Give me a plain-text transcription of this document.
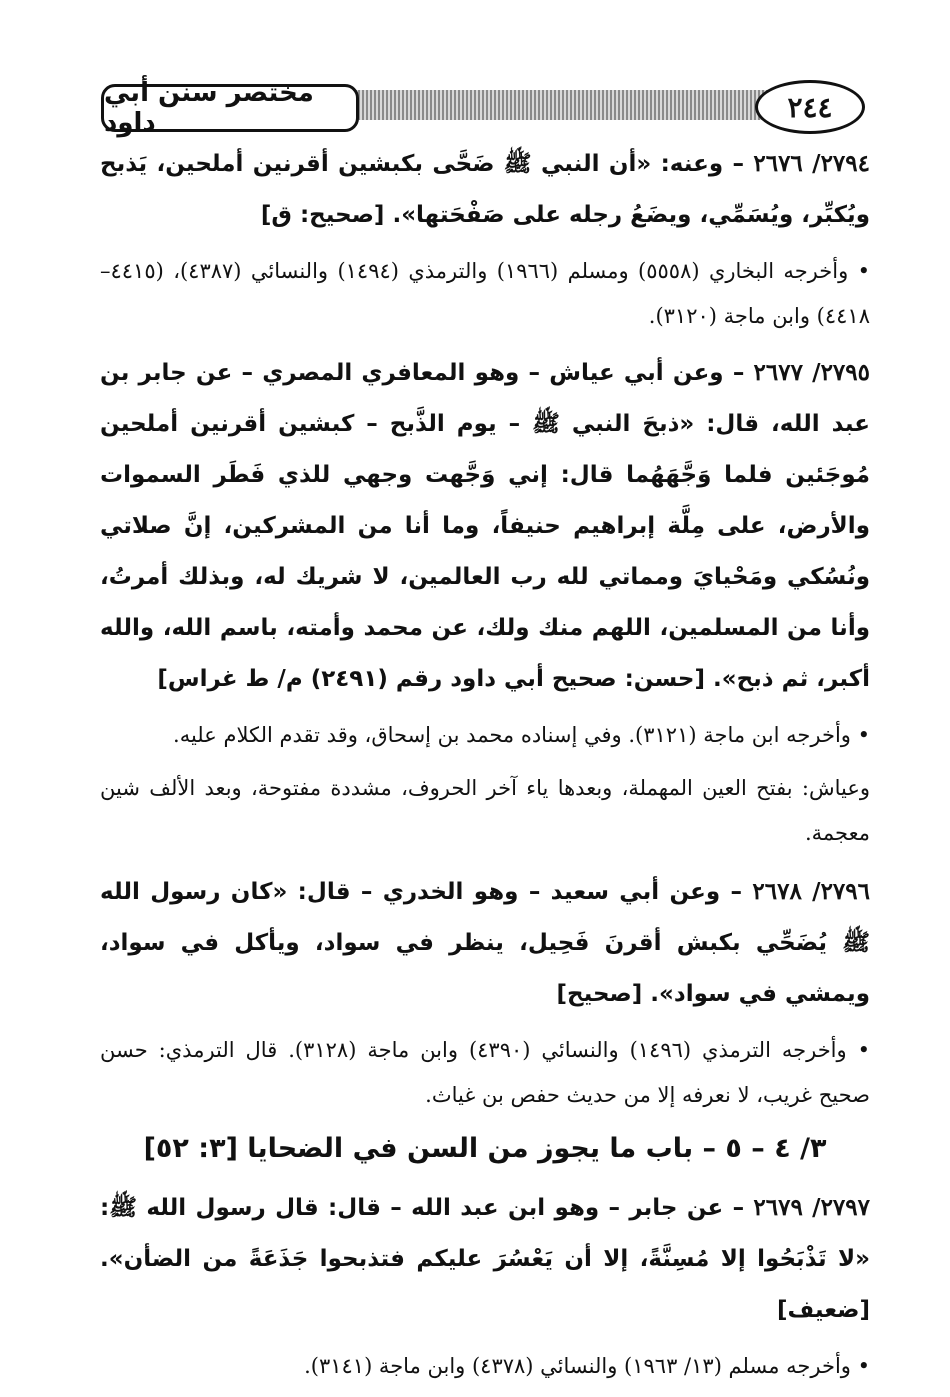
مختصر سنن أبي داود	٢٤٤

٢٧٩٤/ ٢٦٧٦ – وعنه: «أن النبي ﷺ ضَحَّى بكبشين أقرنين أملحين، يَذبح ويُكبِّر، ويُسَمِّي، ويضَعُ رجله على صَفْحَتها». [صحيح: ق]

• وأخرجه البخاري (٥٥٥٨) ومسلم (١٩٦٦) والترمذي (١٤٩٤) والنسائي (٤٣٨٧)، (٤٤١٥–٤٤١٨) وابن ماجة (٣١٢٠).

٢٧٩٥/ ٢٦٧٧ – وعن أبي عياش – وهو المعافري المصري – عن جابر بن عبد الله، قال: «ذبحَ النبي ﷺ – يوم الذَّبح – كبشين أقرنين أملحين مُوجَئين فلما وَجَّهَهُما قال: إني وَجَّهت وجهي للذي فَطَر السموات والأرض، على مِلَّة إبراهيم حنيفاً، وما أنا من المشركين، إنَّ صلاتي ونُسُكي ومَحْيايَ ومماتي لله رب العالمين، لا شريك له، وبذلك أمرتُ، وأنا من المسلمين، اللهم منك ولك، عن محمد وأمته، باسم الله، والله أكبر، ثم ذبح». [حسن: صحيح أبي داود رقم (٢٤٩١) م/ ط غراس]

• وأخرجه ابن ماجة (٣١٢١). وفي إسناده محمد بن إسحاق، وقد تقدم الكلام عليه.

وعياش: بفتح العين المهملة، وبعدها ياء آخر الحروف، مشددة مفتوحة، وبعد الألف شين معجمة.

٢٧٩٦/ ٢٦٧٨ – وعن أبي سعيد – وهو الخدري – قال: «كان رسول الله ﷺ يُضَحِّي بكبش أقرنَ فَحِيل، ينظر في سواد، ويأكل في سواد، ويمشي في سواد». [صحيح]

• وأخرجه الترمذي (١٤٩٦) والنسائي (٤٣٩٠) وابن ماجة (٣١٢٨). قال الترمذي: حسن صحيح غريب، لا نعرفه إلا من حديث حفص بن غياث.

٣/ ٤ – ٥ – باب ما يجوز من السن في الضحايا [٣: ٥٢]

٢٧٩٧/ ٢٦٧٩ – عن جابر – وهو ابن عبد الله – قال: قال رسول الله ﷺ: «لا تَذْبَحُوا إلا مُسِنَّةً، إلا أن يَعْسُرَ عليكم فتذبحوا جَذَعَةً من الضأن». [ضعيف]

• وأخرجه مسلم (١٣/ ١٩٦٣) والنسائي (٤٣٧٨) وابن ماجة (٣١٤١).
